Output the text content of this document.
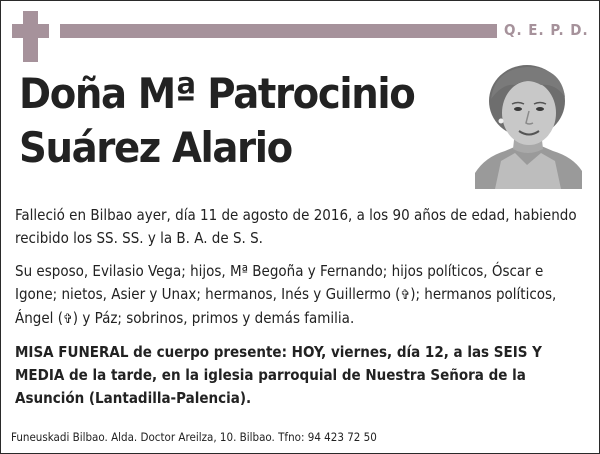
Q. E. P. D.
Doña Mª Patrocinio
Suárez Alario

Falleció en Bilbao ayer, día 11 de agosto de 2016, a los 90 años de edad, habiendo recibido los SS. SS. y la B. A. de S. S.

Su esposo, Evilasio Vega; hijos, Mª Begoña y Fernando; hijos políticos, Óscar e Igone; nietos, Asier y Unax; hermanos, Inés y Guillermo (✞); hermanos políticos, Ángel (✞) y Páz; sobrinos, primos y demás familia.

MISA FUNERAL de cuerpo presente: HOY, viernes, día 12, a las SEIS Y MEDIA de la tarde, en la iglesia parroquial de Nuestra Señora de la Asunción (Lantadilla-Palencia).

Funeuskadi Bilbao. Alda. Doctor Areilza, 10. Bilbao. Tfno: 94 423 72 50
